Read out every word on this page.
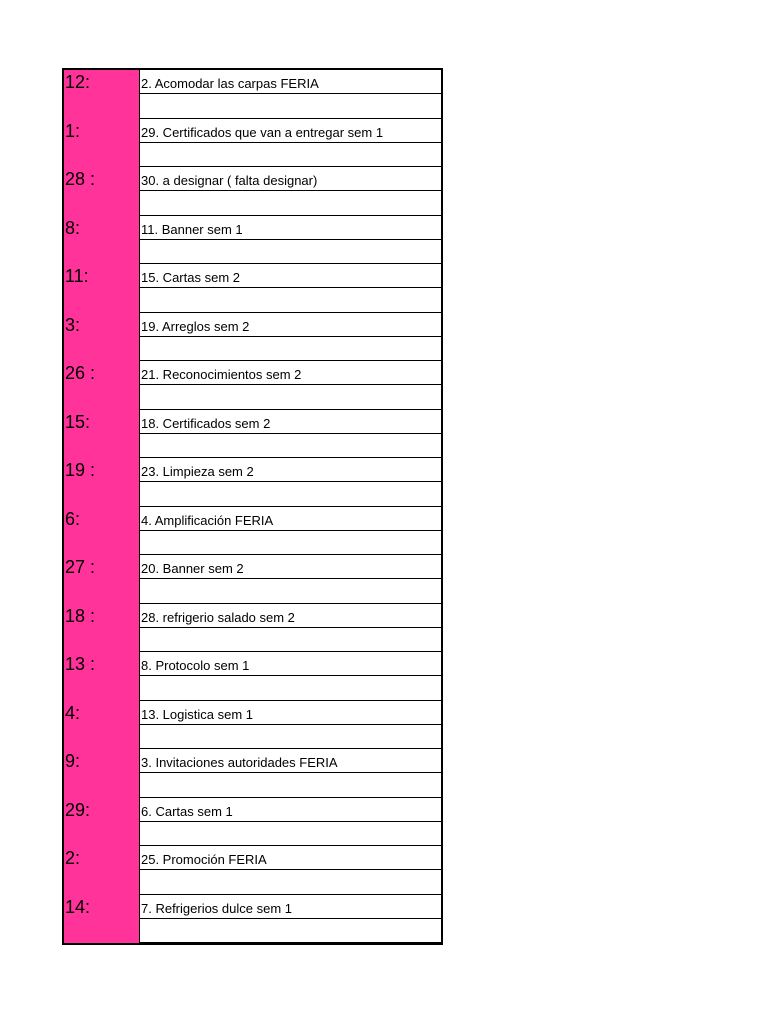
12:	2. Acomodar las carpas FERIA
1:	29. Certificados que van a entregar sem 1
28 :	30. a designar ( falta designar)
8:	11. Banner sem 1
11:	15. Cartas sem 2
3:	19. Arreglos sem 2
26 :	21. Reconocimientos sem 2
15:	18. Certificados sem 2
19 :	23. Limpieza sem 2
6:	4. Amplificación FERIA
27 :	20. Banner sem 2
18 :	28. refrigerio salado sem 2
13 :	8. Protocolo sem 1
4:	13. Logistica sem 1
9:	3. Invitaciones autoridades FERIA
29:	6. Cartas sem 1
2:	25. Promoción FERIA
14:	7. Refrigerios dulce sem 1
